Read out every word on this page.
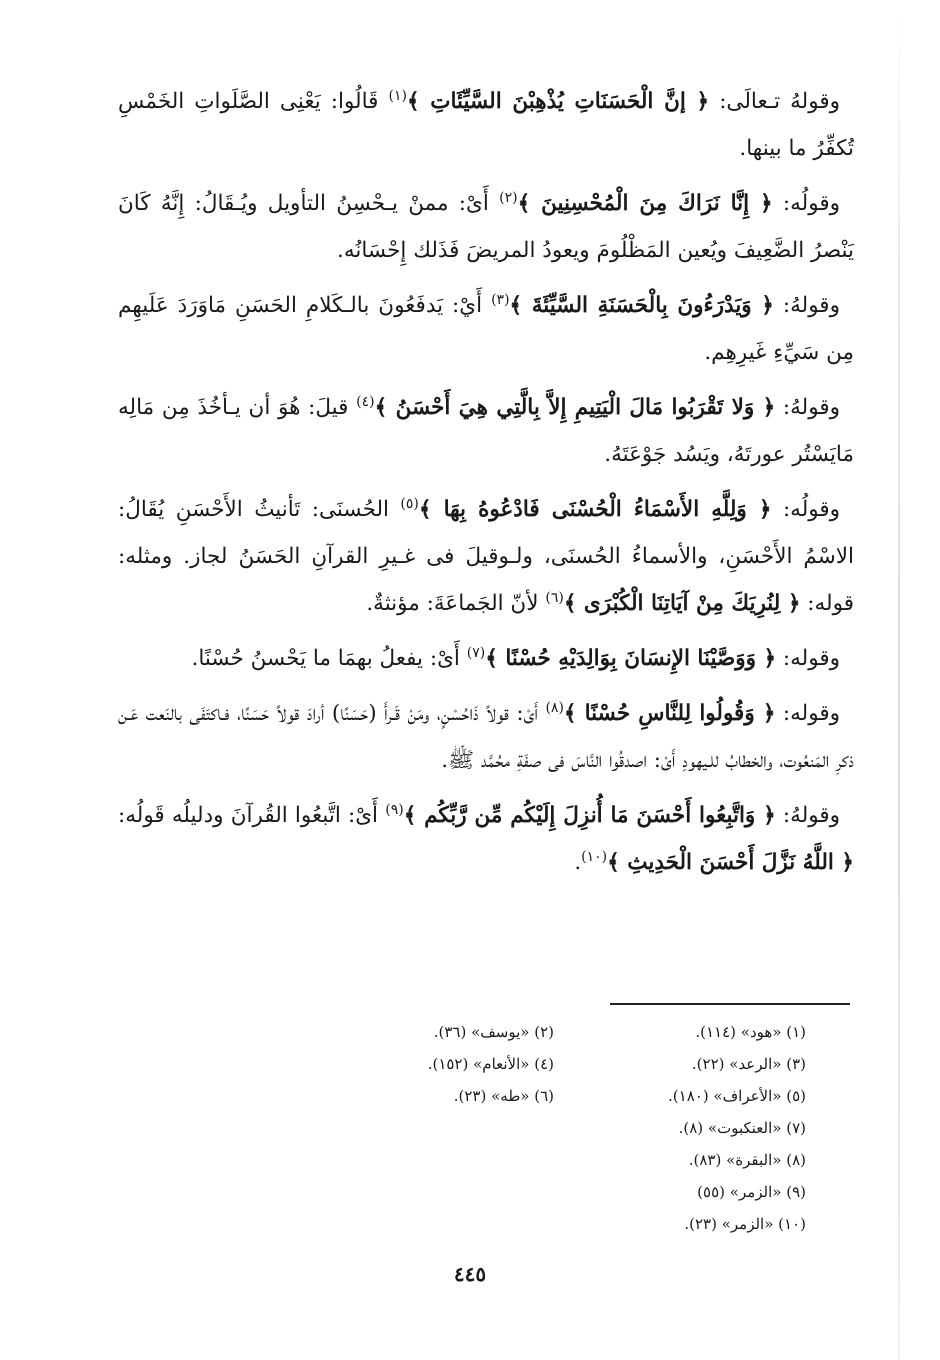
وقولهُ تـعالَى: ﴿ إنَّ الْحَسَنَاتِ يُذْهِبْنَ السَّيِّئَاتِ ﴾$^{(١)}$ قَالُوا: يَعْنِى الصَّلَواتِ الخَمْسِ تُكفِّرُ ما بينها.

وقولُه: ﴿ إِنَّا نَرَاكَ مِنَ الْمُحْسِنِينَ ﴾$^{(٢)}$ أَىْ: ممنْ يـحْسِنُ التأويل ويُـقَالُ: إِنَّهُ كَانَ يَنْصرُ الضَّعِيفَ ويُعين المَظْلُومَ ويعودُ المريضَ فَذَلك إِحْسَانُه.

وقولهُ: ﴿ وَيَدْرَءُونَ بِالْحَسَنَةِ السَّيِّئَةَ ﴾$^{(٣)}$ أَيْ: يَدفَعُونَ بالـكَلامِ الحَسَنِ مَاوَرَدَ عَلَيهِم مِن سَيِّءِ غَيرِهِم.

وقولهُ: ﴿ وَلا تَقْرَبُوا مَالَ الْيَتِيمِ إِلاَّ بِالَّتِي هِيَ أَحْسَنُ ﴾$^{(٤)}$ قيلَ: هُوَ أن يـأخُذَ مِن مَالِه مَايَسْتُر عورتَهُ، ويَسُد جَوْعَتَهُ.

وقولُه: ﴿ وَلِلَّهِ الأَسْمَاءُ الْحُسْنَى فَادْعُوهُ بِهَا ﴾$^{(٥)}$ الحُسنَى: تَأنيثُ الأَحْسَنِ يُقَالُ: الاسْمُ الأَحْسَنِ، والأسماءُ الحُسنَى، ولـوقيلَ فى غـيرِ القرآنِ الحَسَنُ لجاز. ومثله: قوله: ﴿ لِنُرِيَكَ مِنْ آيَاتِنَا الْكُبْرَى ﴾$^{(٦)}$ لأنّ الجَماعَةَ: مؤنثةٌ.

وقوله: ﴿ وَوَصَّيْنَا الإِنسَانَ بِوَالِدَيْهِ حُسْنًا ﴾$^{(٧)}$ أَىْ: يفعلُ بهمَا ما يَحْسنُ حُسْنًا.

وقوله: ﴿ وَقُولُوا لِلنَّاسِ حُسْنًا ﴾$^{(٨)}$ أَىْ: قولاً ذَاحُسْنٍ، ومَنْ قَـرأَ (حَسَنًا) أرادَ قولاً حَسَنًا، فـاكتَفَى بالنَعت عَـن ذكرِ المَنعُوت، والخطابُ للـيهودِ أَىْ: اصدقُوا النَّاسَ فى صفَةِ محُمَّد ﷺ.

وقولهُ: ﴿ وَاتَّبِعُوا أَحْسَنَ مَا أُنزِلَ إِلَيْكُم مِّن رَّبِّكُم ﴾$^{(٩)}$ أَىْ: اتَّبعُوا القُرآنَ ودليلُه قَولُه: ﴿ اللَّهُ نَزَّلَ أَحْسَنَ الْحَدِيثِ ﴾$^{(١٠)}$.

(١) «هود» (١١٤).
(٣) «الرعد» (٢٢).
(٥) «الأعراف» (١٨٠).
(٧) «العنكبوت» (٨).
(٨) «البقرة» (٨٣).
(٩) «الزمر» (٥٥)
(١٠) «الزمر» (٢٣).
(٢) «يوسف» (٣٦).
(٤) «الأنعام» (١٥٢).
(٦) «طه» (٢٣).
٤٤٥
